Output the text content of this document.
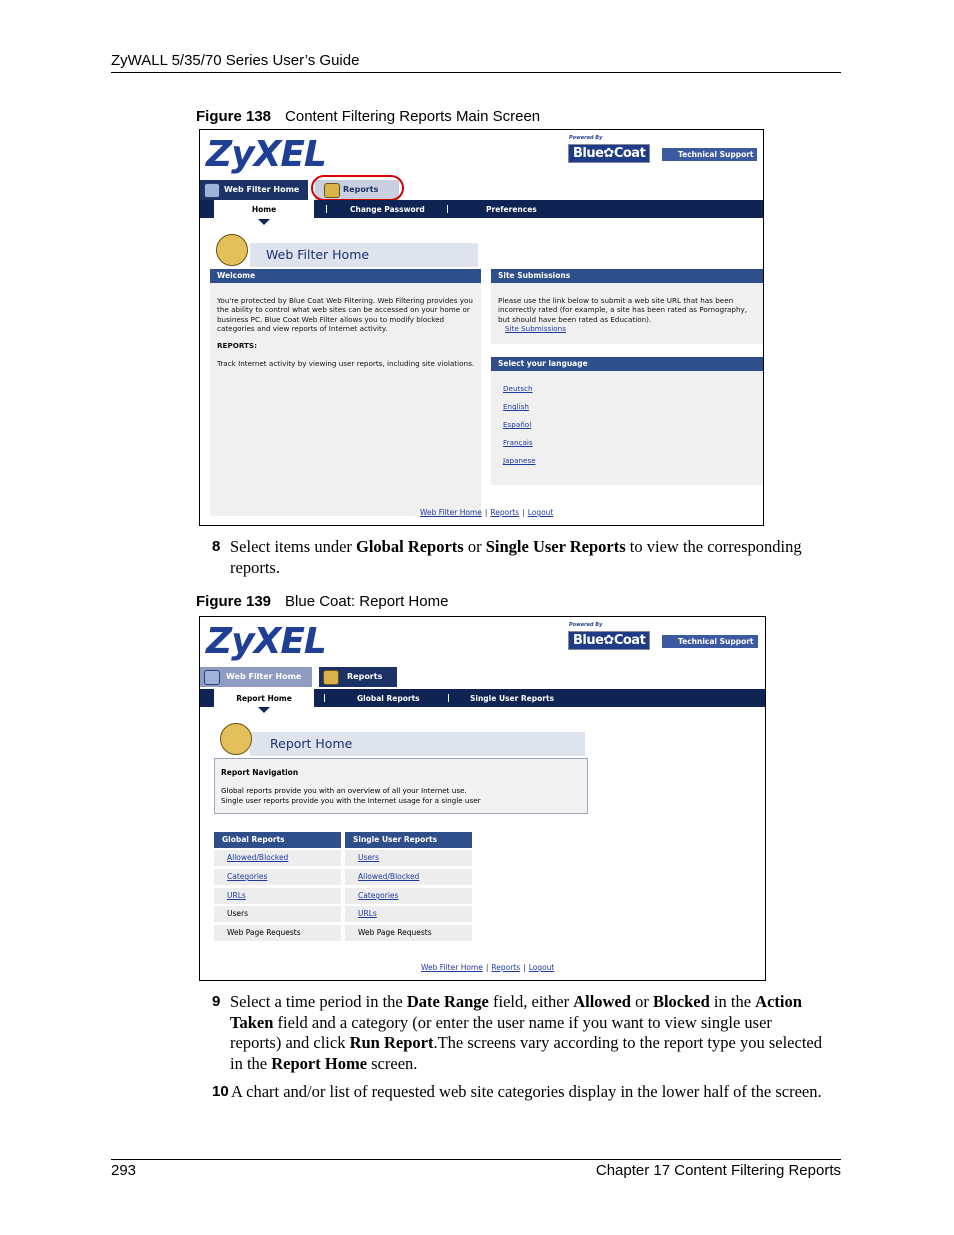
ZyWALL 5/35/70 Series User’s Guide
Figure 138 Content Filtering Reports Main Screen
ZyXEL	Powered By
Blue✿Coat	Technical Support
Web Filter Home	Reports
Home	Change Password	Preferences
Web Filter Home
Welcome
You're protected by Blue Coat Web Filtering. Web Filtering provides you the ability to control what web sites can be accessed on your home or business PC. Blue Coat Web Filter allows you to modify blocked categories and view reports of Internet activity.
REPORTS:
Track Internet activity by viewing user reports, including site violations.
Site Submissions
Please use the link below to submit a web site URL that has been incorrectly rated (for example, a site has been rated as Pornography, but should have been rated as Education).
Site Submissions
Select your language
Deutsch
English
Español
Français
Japanese
Web Filter Home | Reports | Logout
8 Select items under Global Reports or Single User Reports to view the corresponding
reports.
Figure 139 Blue Coat: Report Home
ZyXEL	Powered By
Blue✿Coat	Technical Support
Web Filter Home	Reports
Report Home	Global Reports	Single User Reports
Report Home
Report Navigation
Global reports provide you with an overview of all your Internet use.
Single user reports provide you with the Internet usage for a single user
Global Reports
Allowed/Blocked
Categories
URLs
Users
Web Page Requests
Single User Reports
Users
Allowed/Blocked
Categories
URLs
Web Page Requests
Web Filter Home | Reports | Logout
9 Select a time period in the Date Range field, either Allowed or Blocked in the Action
Taken field and a category (or enter the user name if you want to view single user
reports) and click Run Report.The screens vary according to the report type you selected
in the Report Home screen.
10 A chart and/or list of requested web site categories display in the lower half of the screen.
293	Chapter 17 Content Filtering Reports
